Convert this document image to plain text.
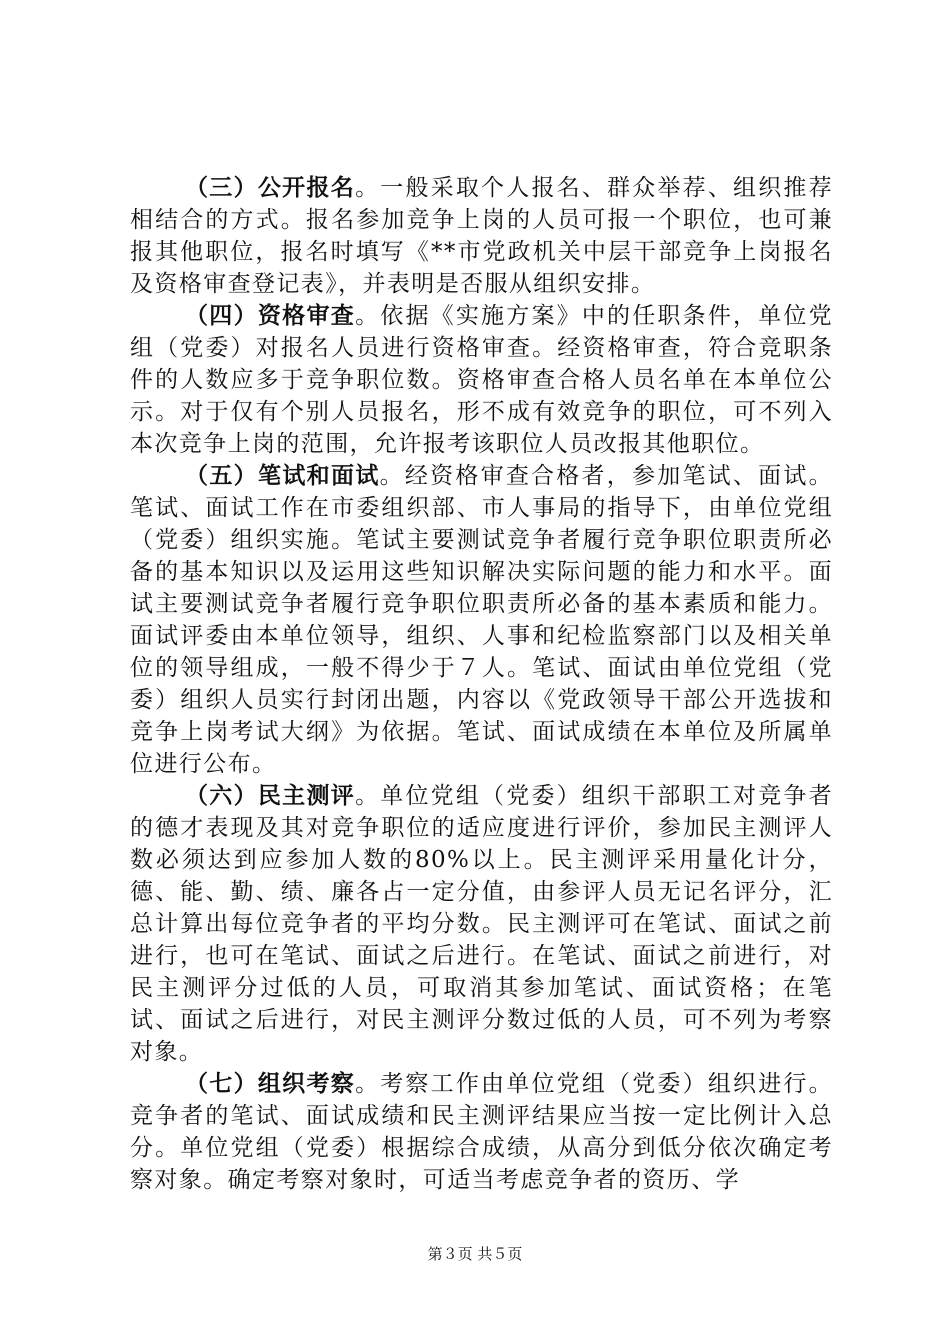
（三）公开报名。一般采取个人报名、群众举荐、组织推荐相结合的方式。报名参加竞争上岗的人员可报一个职位，也可兼报其他职位，报名时填写《**市党政机关中层干部竞争上岗报名及资格审查登记表》，并表明是否服从组织安排。

（四）资格审查。依据《实施方案》中的任职条件，单位党组（党委）对报名人员进行资格审查。经资格审查，符合竞职条件的人数应多于竞争职位数。资格审查合格人员名单在本单位公示。对于仅有个别人员报名，形不成有效竞争的职位，可不列入本次竞争上岗的范围，允许报考该职位人员改报其他职位。

（五）笔试和面试。经资格审查合格者，参加笔试、面试。笔试、面试工作在市委组织部、市人事局的指导下，由单位党组（党委）组织实施。笔试主要测试竞争者履行竞争职位职责所必备的基本知识以及运用这些知识解决实际问题的能力和水平。面试主要测试竞争者履行竞争职位职责所必备的基本素质和能力。面试评委由本单位领导，组织、人事和纪检监察部门以及相关单位的领导组成，一般不得少于７人。笔试、面试由单位党组（党委）组织人员实行封闭出题，内容以《党政领导干部公开选拔和竞争上岗考试大纲》为依据。笔试、面试成绩在本单位及所属单位进行公布。

（六）民主测评。单位党组（党委）组织干部职工对竞争者的德才表现及其对竞争职位的适应度进行评价，参加民主测评人数必须达到应参加人数的80%以上。民主测评采用量化计分，德、能、勤、绩、廉各占一定分值，由参评人员无记名评分，汇总计算出每位竞争者的平均分数。民主测评可在笔试、面试之前进行，也可在笔试、面试之后进行。在笔试、面试之前进行，对民主测评分过低的人员，可取消其参加笔试、面试资格；在笔试、面试之后进行，对民主测评分数过低的人员，可不列为考察对象。

（七）组织考察。考察工作由单位党组（党委）组织进行。竞争者的笔试、面试成绩和民主测评结果应当按一定比例计入总分。单位党组（党委）根据综合成绩，从高分到低分依次确定考察对象。确定考察对象时，可适当考虑竞争者的资历、学

第３页 共５页
